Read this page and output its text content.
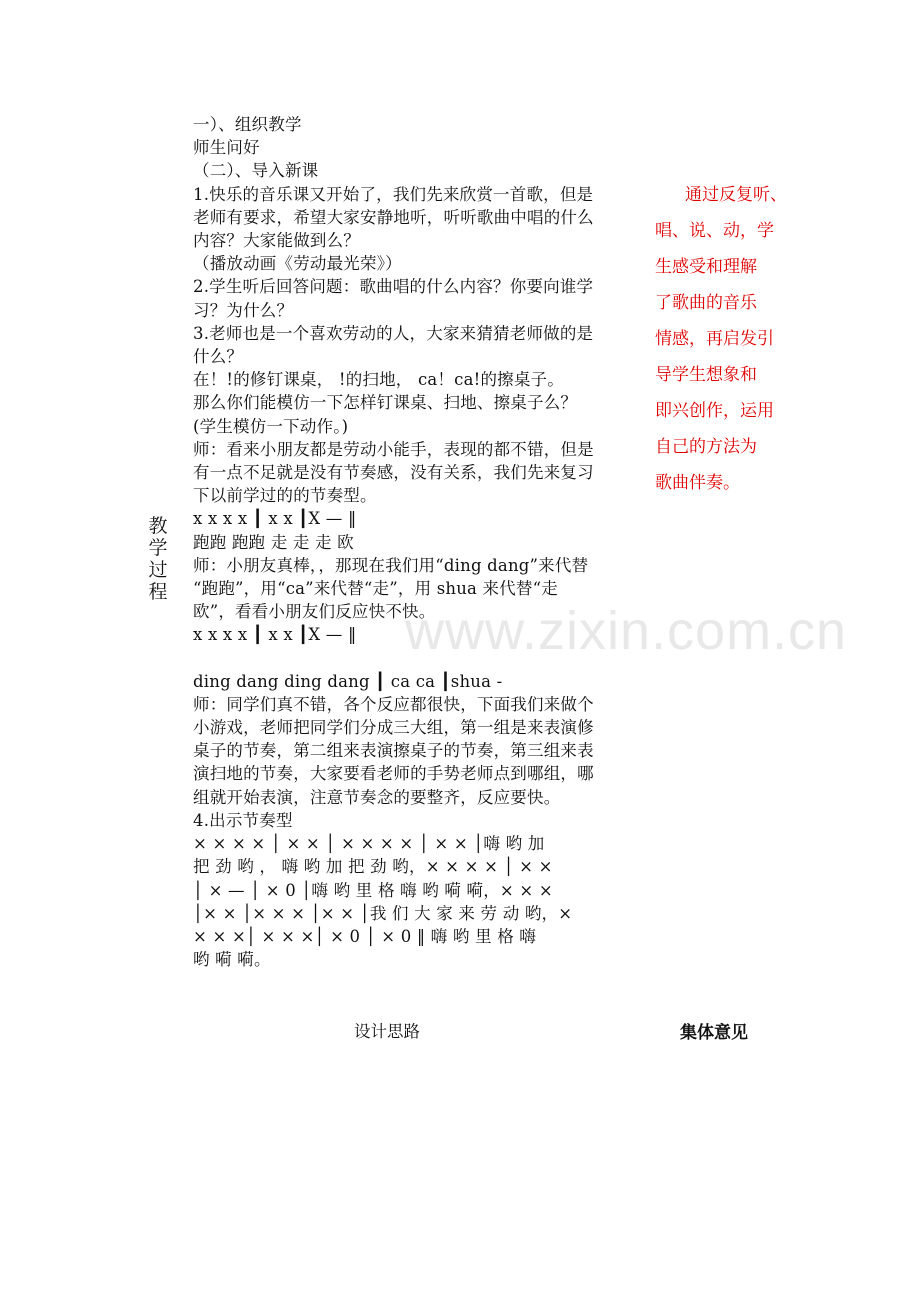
www.zixin.com.cn
教
学
过
程
一）、组织教学
师生问好
（二）、导入新课
1.快乐的音乐课又开始了，我们先来欣赏一首歌，但是
老师有要求，希望大家安静地听，听听歌曲中唱的什么
内容？大家能做到么？
（播放动画《劳动最光荣》）
2.学生听后回答问题：歌曲唱的什么内容？你要向谁学
习？为什么？
3.老师也是一个喜欢劳动的人，大家来猜猜老师做的是
什么？
在！!的修钉课桌， !的扫地， ca！ca!的擦桌子。
那么你们能模仿一下怎样钉课桌、扫地、擦桌子么？
(学生模仿一下动作。)
师：看来小朋友都是劳动小能手，表现的都不错，但是
有一点不足就是没有节奏感，没有关系，我们先来复习
下以前学过的的节奏型。
x x x x ┃ x x ┃X — ‖
跑跑 跑跑 走 走 走 欧
师：小朋友真棒，，那现在我们用“ding dang”来代替
“跑跑”，用“ca”来代替“走”，用 shua 来代替“走
欧”，看看小朋友们反应快不快。
x x x x ┃ x x ┃X — ‖
ding dang ding dang ┃ ca ca ┃shua -
师：同学们真不错，各个反应都很快，下面我们来做个
小游戏，老师把同学们分成三大组，第一组是来表演修
桌子的节奏，第二组来表演擦桌子的节奏，第三组来表
演扫地的节奏，大家要看老师的手势老师点到哪组，哪
组就开始表演，注意节奏念的要整齐，反应要快。
4.出示节奏型
× × × × │ × × │ × × × × │ × × │嗨 哟 加
把 劲 哟 ， 嗨 哟 加 把 劲 哟，× × × × │ × ×
│ × — │ × 0 │嗨 哟 里 格 嗨 哟 嗬 嗬，× × ×
│× × │× × × │× × │我 们 大 家 来 劳 动 哟，×
× × ×│ × × ×│ × 0 │ × 0 ‖ 嗨 哟 里 格 嗨
哟 嗬 嗬。
通过反复听、
唱、说、动，学
生感受和理解
了歌曲的音乐
情感，再启发引
导学生想象和
即兴创作，运用
自己的方法为
歌曲伴奏。
设计思路	集体意见
